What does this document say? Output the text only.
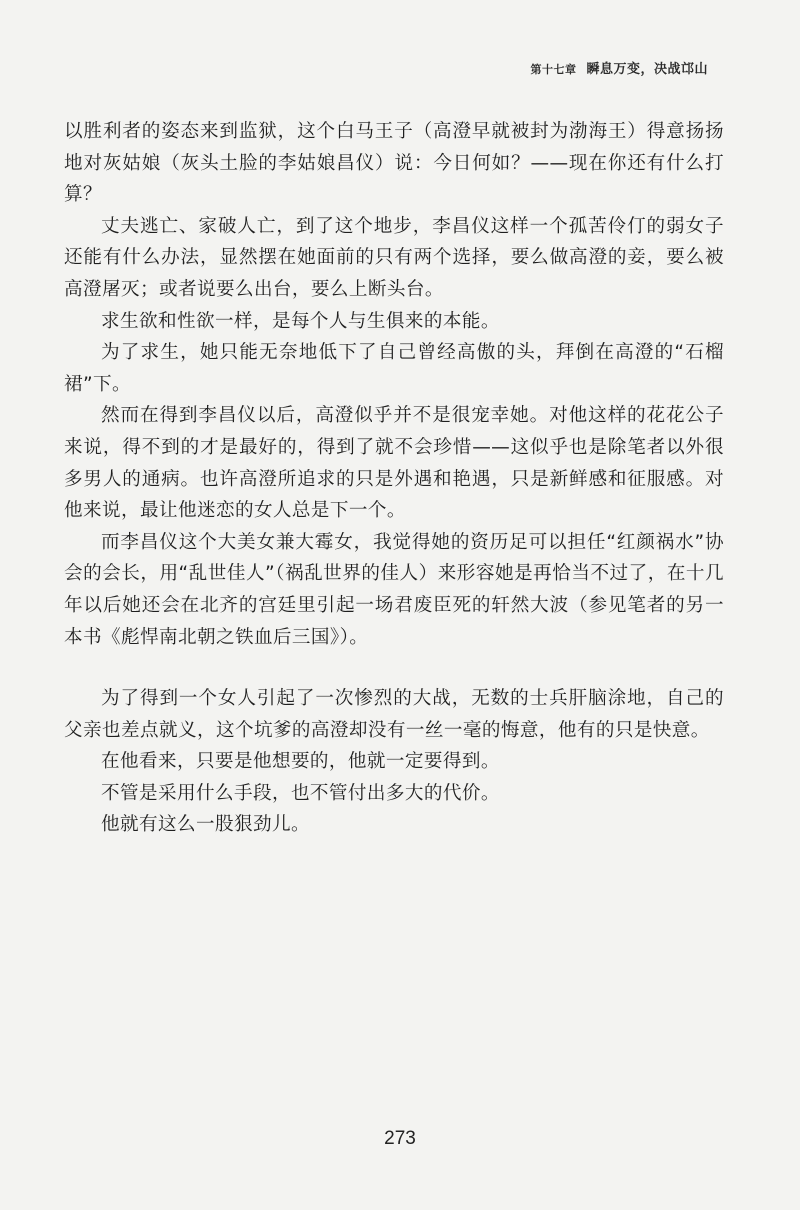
第十七章 瞬息万变，决战邙山

以胜利者的姿态来到监狱，这个白马王子（高澄早就被封为渤海王）得意扬扬地对灰姑娘（灰头土脸的李姑娘昌仪）说：今日何如？——现在你还有什么打算？

丈夫逃亡、家破人亡，到了这个地步，李昌仪这样一个孤苦伶仃的弱女子还能有什么办法，显然摆在她面前的只有两个选择，要么做高澄的妾，要么被高澄屠灭；或者说要么出台，要么上断头台。

求生欲和性欲一样，是每个人与生俱来的本能。

为了求生，她只能无奈地低下了自己曾经高傲的头，拜倒在高澄的“石榴裙”下。

然而在得到李昌仪以后，高澄似乎并不是很宠幸她。对他这样的花花公子来说，得不到的才是最好的，得到了就不会珍惜——这似乎也是除笔者以外很多男人的通病。也许高澄所追求的只是外遇和艳遇，只是新鲜感和征服感。对他来说，最让他迷恋的女人总是下一个。

而李昌仪这个大美女兼大霉女，我觉得她的资历足可以担任“红颜祸水”协会的会长，用“乱世佳人”（祸乱世界的佳人）来形容她是再恰当不过了，在十几年以后她还会在北齐的宫廷里引起一场君废臣死的轩然大波（参见笔者的另一本书《彪悍南北朝之铁血后三国》）。

为了得到一个女人引起了一次惨烈的大战，无数的士兵肝脑涂地，自己的父亲也差点就义，这个坑爹的高澄却没有一丝一毫的悔意，他有的只是快意。

在他看来，只要是他想要的，他就一定要得到。

不管是采用什么手段，也不管付出多大的代价。

他就有这么一股狠劲儿。

273
